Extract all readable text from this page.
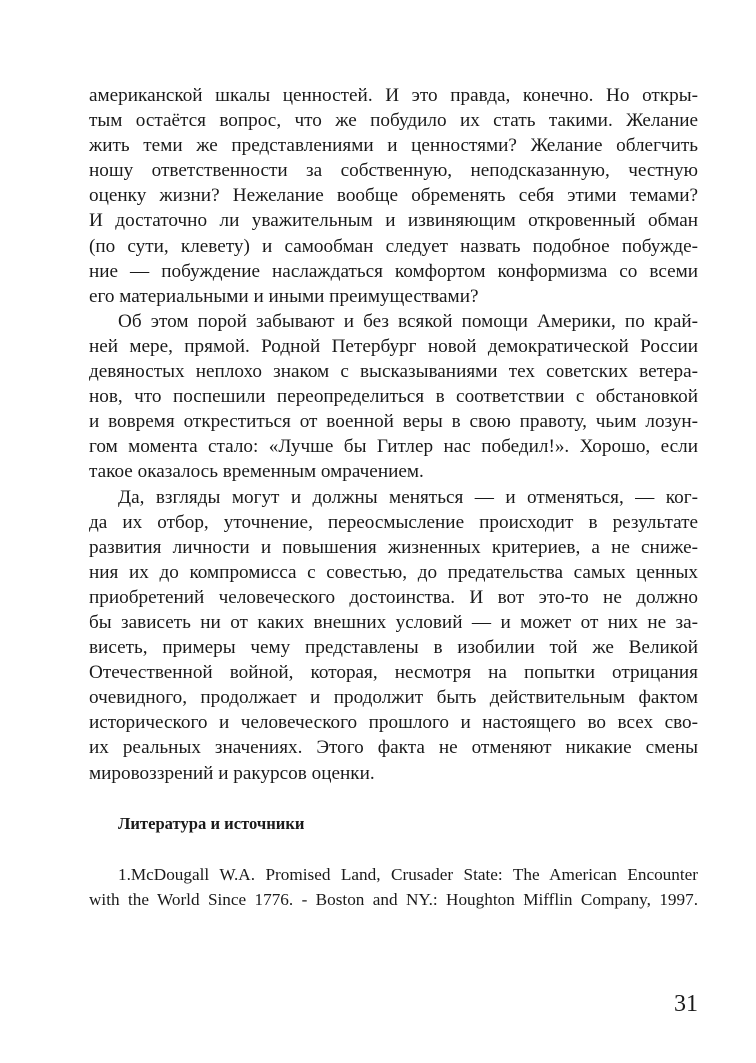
американской шкалы ценностей. И это правда, конечно. Но откры-
тым остаётся вопрос, что же побудило их стать такими. Желание
жить теми же представлениями и ценностями? Желание облегчить
ношу ответственности за собственную, неподсказанную, честную
оценку жизни? Нежелание вообще обременять себя этими темами?
И достаточно ли уважительным и извиняющим откровенный обман
(по сути, клевету) и самообман следует назвать подобное побужде-
ние — побуждение наслаждаться комфортом конформизма со всеми
его материальными и иными преимуществами?
Об этом порой забывают и без всякой помощи Америки, по край-
ней мере, прямой. Родной Петербург новой демократической России
девяностых неплохо знаком с высказываниями тех советских ветера-
нов, что поспешили переопределиться в соответствии с обстановкой
и вовремя откреститься от военной веры в свою правоту, чьим лозун-
гом момента стало: «Лучше бы Гитлер нас победил!». Хорошо, если
такое оказалось временным омрачением.
Да, взгляды могут и должны меняться — и отменяться, — ког-
да их отбор, уточнение, переосмысление происходит в результате
развития личности и повышения жизненных критериев, а не сниже-
ния их до компромисса с совестью, до предательства самых ценных
приобретений человеческого достоинства. И вот это-то не должно
бы зависеть ни от каких внешних условий — и может от них не за-
висеть, примеры чему представлены в изобилии той же Великой
Отечественной войной, которая, несмотря на попытки отрицания
очевидного, продолжает и продолжит быть действительным фактом
исторического и человеческого прошлого и настоящего во всех сво-
их реальных значениях. Этого факта не отменяют никакие смены
мировоззрений и ракурсов оценки.
Литература и источники
1.McDougall W.A. Promised Land, Crusader State: The American Encounter
with the World Since 1776. - Boston and NY.: Houghton Mifflin Company, 1997.
31
